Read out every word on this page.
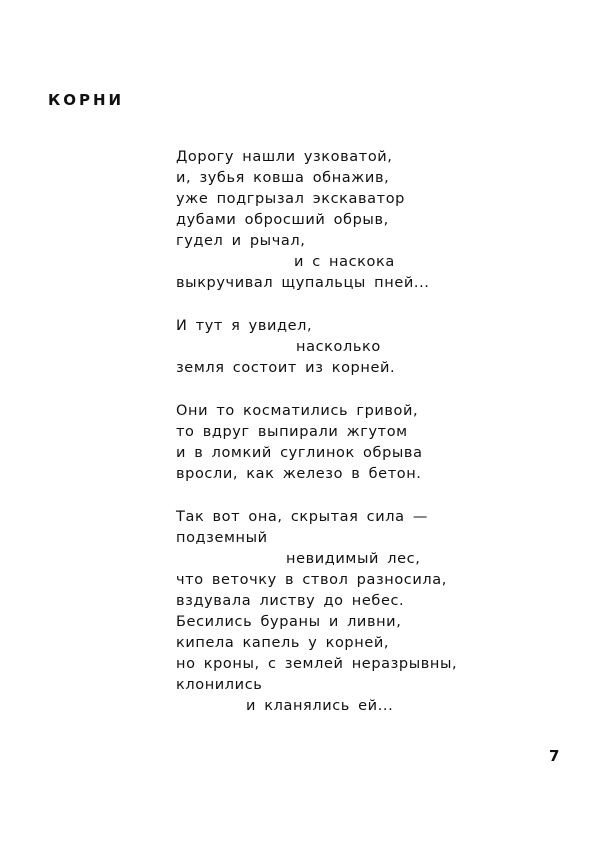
КОРНИ
Дорогу нашли узковатой,
и, зубья ковша обнажив,
уже подгрызал экскаватор
дубами обросший обрыв,
гудел и рычал,
и с наскока
выкручивал щупальцы пней...
И тут я увидел,
насколько
земля состоит из корней.
Они то косматились гривой,
то вдруг выпирали жгутом
и в ломкий суглинок обрыва
вросли, как железо в бетон.
Так вот она, скрытая сила —
подземный
невидимый лес,
что веточку в ствол разносила,
вздувала листву до небес.
Бесились бураны и ливни,
кипела капель у корней,
но кроны, с землей неразрывны,
клонились
и кланялись ей...
7
